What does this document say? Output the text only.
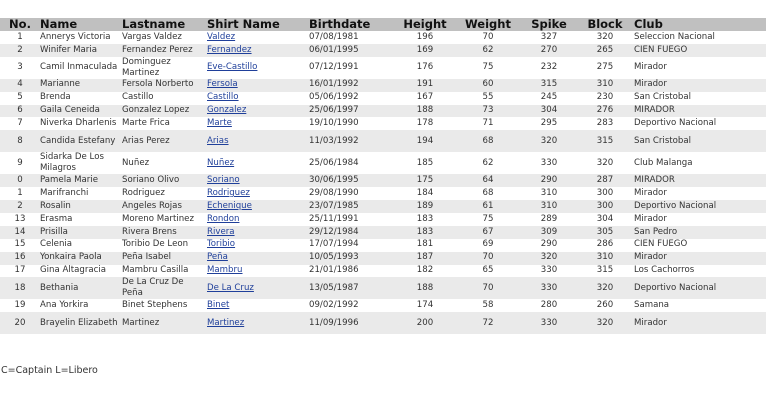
No.	Name	Lastname	Shirt Name	Birthdate	Height	Weight	Spike	Block	Club
1	Annerys Victoria	Vargas Valdez	Valdez	07/08/1981	196	70	327	320	Seleccion Nacional
2	Winifer Maria	Fernandez Perez	Fernandez	06/01/1995	169	62	270	265	CIEN FUEGO
3	Camil Inmaculada	Dominguez Martinez	Eve-Castillo	07/12/1991	176	75	232	275	Mirador
4	Marianne	Fersola Norberto	Fersola	16/01/1992	191	60	315	310	Mirador
5	Brenda	Castillo	Castillo	05/06/1992	167	55	245	230	San Cristobal
6	Gaila Ceneida	Gonzalez Lopez	Gonzalez	25/06/1997	188	73	304	276	MIRADOR
7	Niverka Dharlenis	Marte Frica	Marte	19/10/1990	178	71	295	283	Deportivo Nacional
8	Candida Estefany	Arias Perez	Arias	11/03/1992	194	68	320	315	San Cristobal
9	Sidarka De Los Milagros	Nuñez	Nuñez	25/06/1984	185	62	330	320	Club Malanga
0	Pamela Marie	Soriano Olivo	Soriano	30/06/1995	175	64	290	287	MIRADOR
1	Marifranchi	Rodriguez	Rodriguez	29/08/1990	184	68	310	300	Mirador
2	Rosalin	Angeles Rojas	Echenique	23/07/1985	189	61	310	300	Deportivo Nacional
13	Erasma	Moreno Martinez	Rondon	25/11/1991	183	75	289	304	Mirador
14	Prisilla	Rivera Brens	Rivera	29/12/1984	183	67	309	305	San Pedro
15	Celenia	Toribio De Leon	Toribio	17/07/1994	181	69	290	286	CIEN FUEGO
16	Yonkaira Paola	Peña Isabel	Peña	10/05/1993	187	70	320	310	Mirador
17	Gina Altagracia	Mambru Casilla	Mambru	21/01/1986	182	65	330	315	Los Cachorros
18	Bethania	De La Cruz De Peña	De La Cruz	13/05/1987	188	70	330	320	Deportivo Nacional
19	Ana Yorkira	Binet Stephens	Binet	09/02/1992	174	58	280	260	Samana
20	Brayelin Elizabeth	Martinez	Martinez	11/09/1996	200	72	330	320	Mirador
C=Captain L=Libero
